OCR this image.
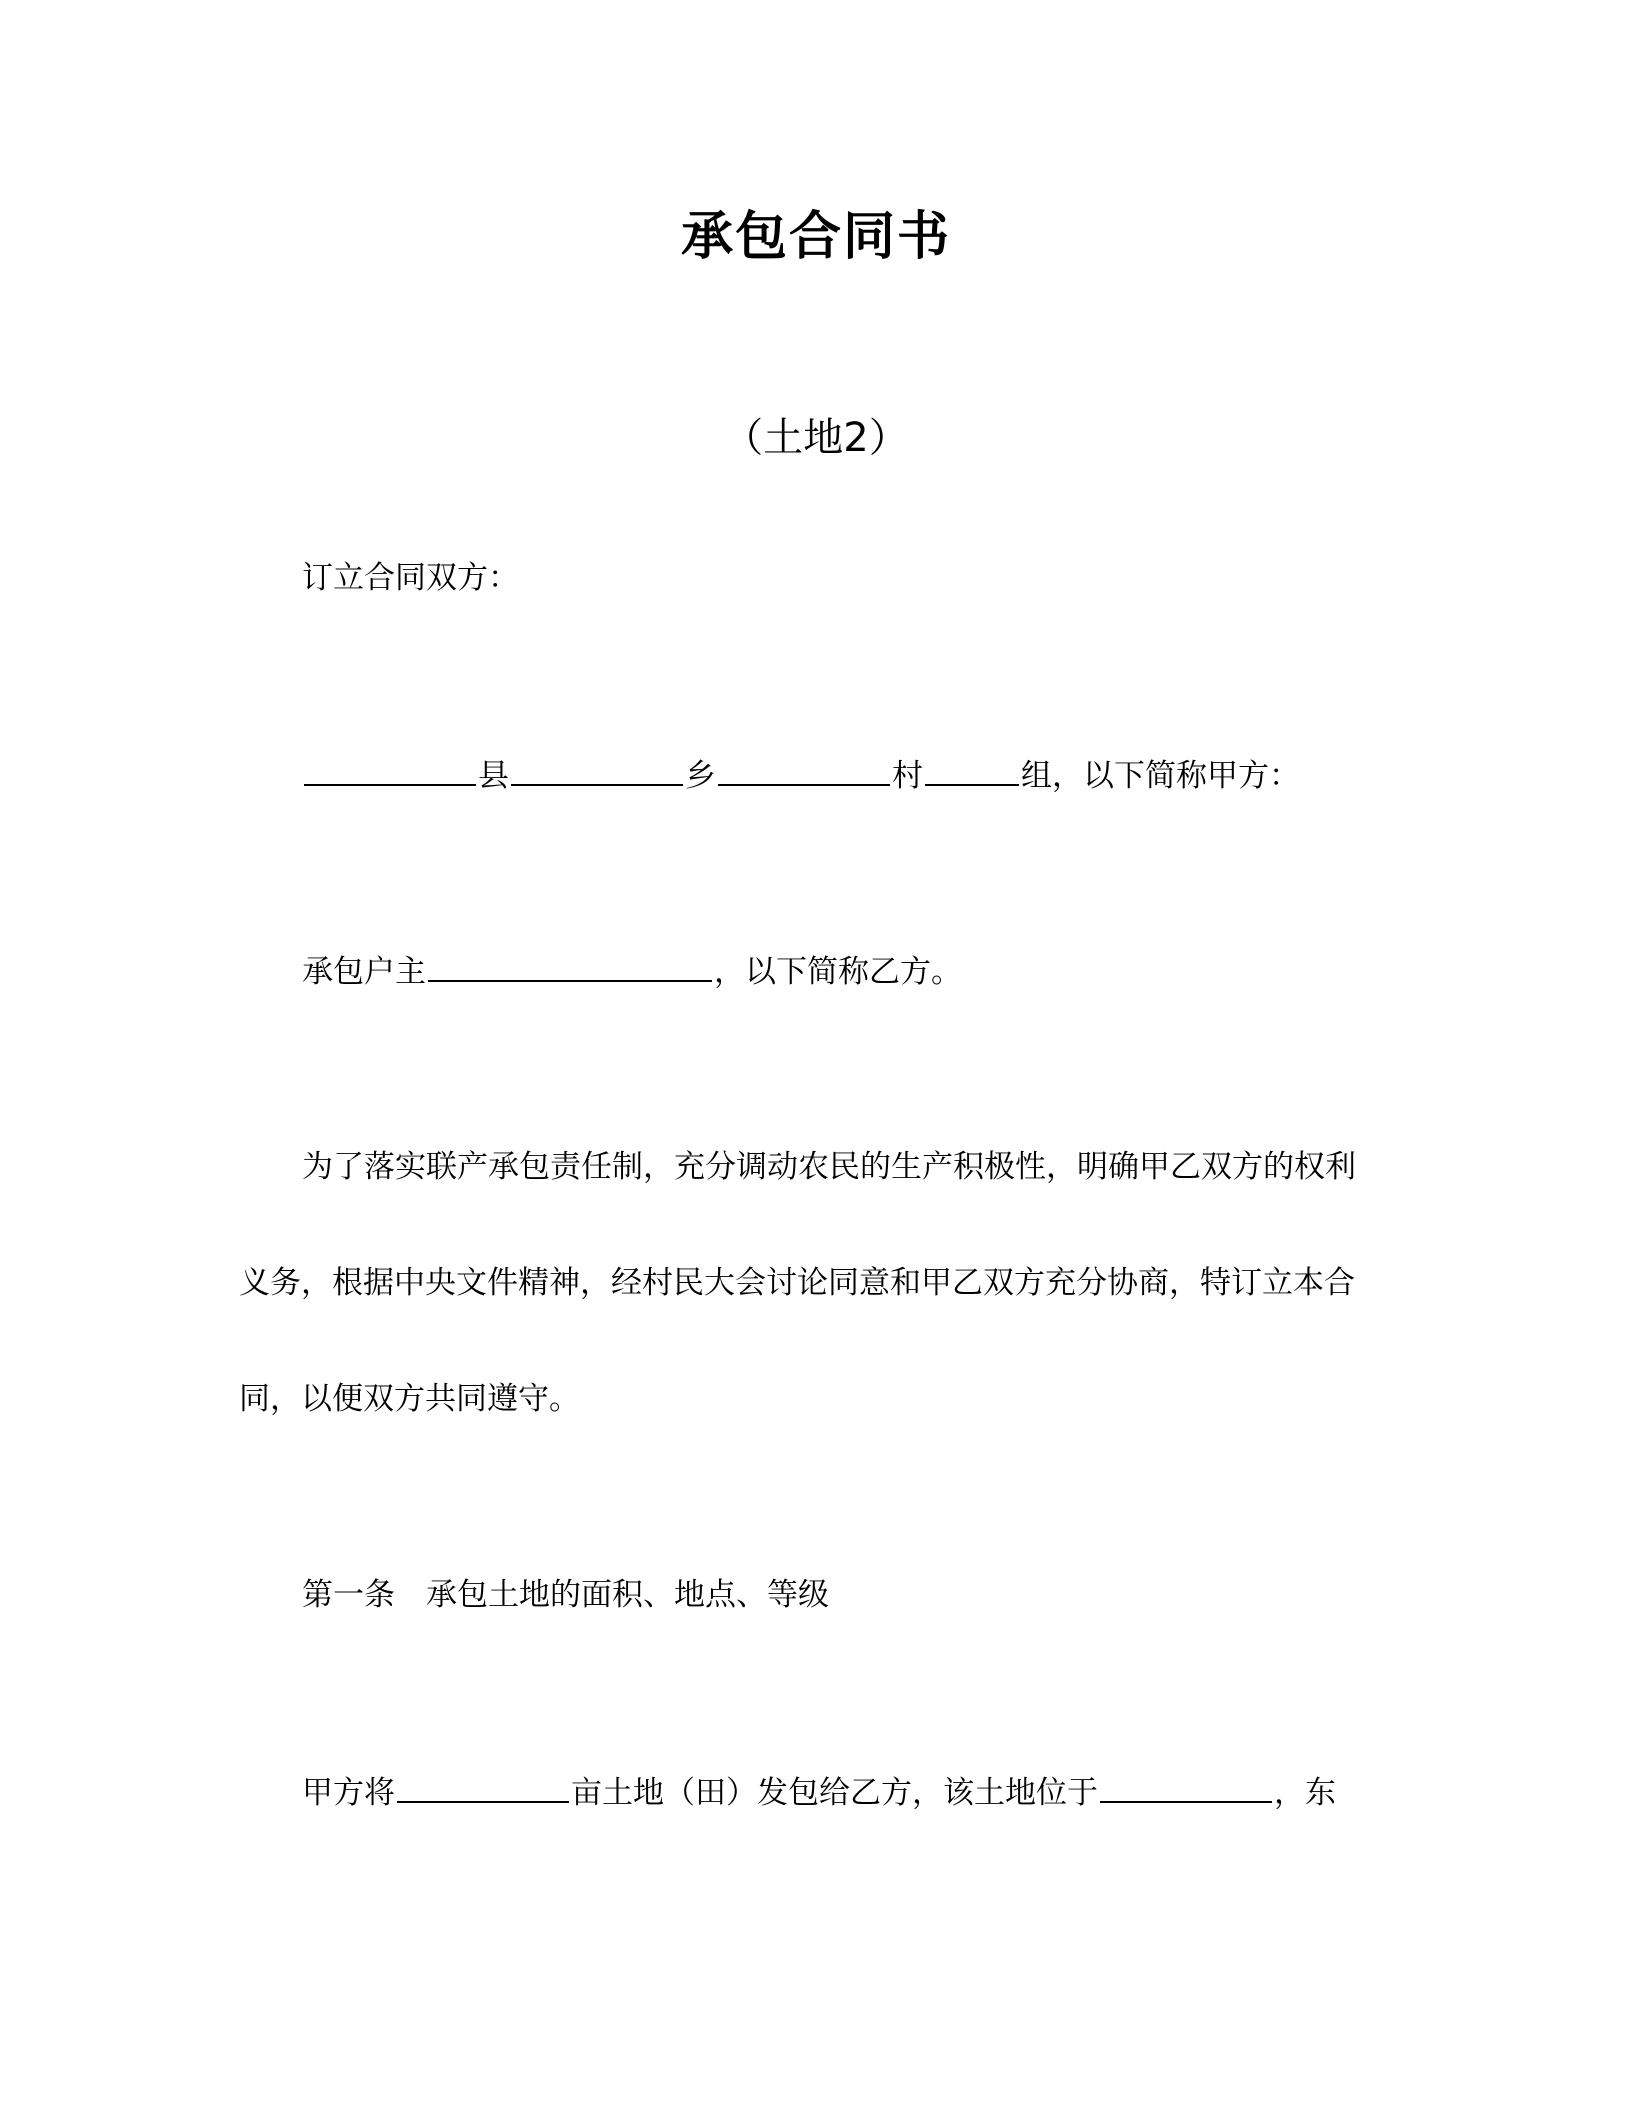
承包合同书
（土地2）
订立合同双方：
县	乡	村	组，以下简称甲方：
承包户主	，以下简称乙方。
为了落实联产承包责任制，充分调动农民的生产积极性，明确甲乙双方的权利
义务，根据中央文件精神，经村民大会讨论同意和甲乙双方充分协商，特订立本合
同，以便双方共同遵守。
第一条　承包土地的面积、地点、等级
甲方将	亩土地（田）发包给乙方，该土地位于	，东
